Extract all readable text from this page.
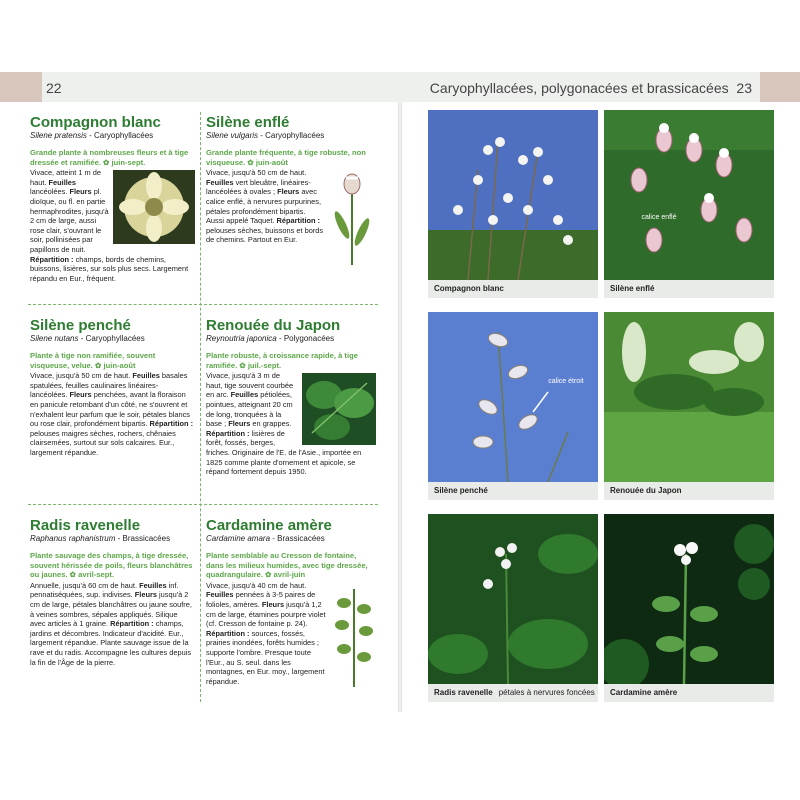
22	Caryophyllacées, polygonacées et brassicacées 23
Compagnon blanc
Silene pratensis - Caryophyllacées
Grande plante à nombreuses fleurs et à tige dressée et ramifiée. ✿ juin-sept.
Vivace, atteint 1 m de haut. Feuilles lancéolées. Fleurs pl. dioïque, ou fl. en partie hermaphrodites, jusqu'à 2 cm de large, aussi rose clair, s'ouvrant le soir, pollinisées par papillons de nuit. Répartition : champs, bords de chemins, buissons, lisières, sur sols plus secs. Largement répandu en Eur., fréquent.
Silène enflé
Silene vulgaris - Caryophyllacées
Grande plante fréquente, à tige robuste, non visqueuse. ✿ juin-août
Vivace, jusqu'à 50 cm de haut. Feuilles vert bleuâtre, linéaires-lancéolées à ovales ; Fleurs avec calice enflé, à nervures purpurines, pétales profondément bipartis. Aussi appelé Taquet. Répartition : pelouses sèches, buissons et bords de chemins. Partout en Eur.
Silène penché
Silene nutans - Caryophyllacées
Plante à tige non ramifiée, souvent visqueuse, velue. ✿ juin-août
Vivace, jusqu'à 50 cm de haut. Feuilles basales spatulées, feuilles caulinaires linéaires-lancéolées. Fleurs penchées, avant la floraison en panicule retombant d'un côté, ne s'ouvrent et n'exhalent leur parfum que le soir, pétales blancs ou rose clair, profondément bipartis. Répartition : pelouses maigres sèches, rochers, chênaies clairsemées, surtout sur sols calcaires. Eur., largement répandue.
Renouée du Japon
Reynoutria japonica - Polygonacées
Plante robuste, à croissance rapide, à tige ramifiée. ✿ juil.-sept.
Vivace, jusqu'à 3 m de haut, tige souvent courbée en arc. Feuilles pétiolées, pointues, atteignant 20 cm de long, tronquées à la base ; Fleurs en grappes. Répartition : lisières de forêt, fossés, berges, friches. Originaire de l'E. de l'Asie., importée en 1825 comme plante d'ornement et apicole, se répand fortement depuis 1950.
Radis ravenelle
Raphanus raphanistrum - Brassicacées
Plante sauvage des champs, à tige dressée, souvent hérissée de poils, fleurs blanchâtres ou jaunes. ✿ avril-sept.
Annuelle, jusqu'à 60 cm de haut. Feuilles inf. pennatiséquées, sup. indivises. Fleurs jusqu'à 2 cm de large, pétales blanchâtres ou jaune soufre, à veines sombres, sépales appliqués. Silique avec articles à 1 graine. Répartition : champs, jardins et décombres. Indicateur d'acidité. Eur., largement répandue. Plante sauvage issue de la rave et du radis. Accompagne les cultures depuis la fin de l'Âge de la pierre.
Cardamine amère
Cardamine amara - Brassicacées
Plante semblable au Cresson de fontaine, dans les milieux humides, avec tige dressée, quadrangulaire. ✿ avril-juin
Vivace, jusqu'à 40 cm de haut. Feuilles pennées à 3-5 paires de folioles, amères. Fleurs jusqu'à 1,2 cm de large, étamines pourpre violet (cf. Cresson de fontaine p. 24). Répartition : sources, fossés, prairies inondées, forêts humides ; supporte l'ombre. Presque toute l'Eur., au S. seul. dans les montagnes, en Eur. moy., largement répandue.
Compagnon blanc
calice enflé
Silène enflé
calice étroit
Silène penché	Renouée du Japon
Radis ravenelle pétales à nervures foncées	Cardamine amère
